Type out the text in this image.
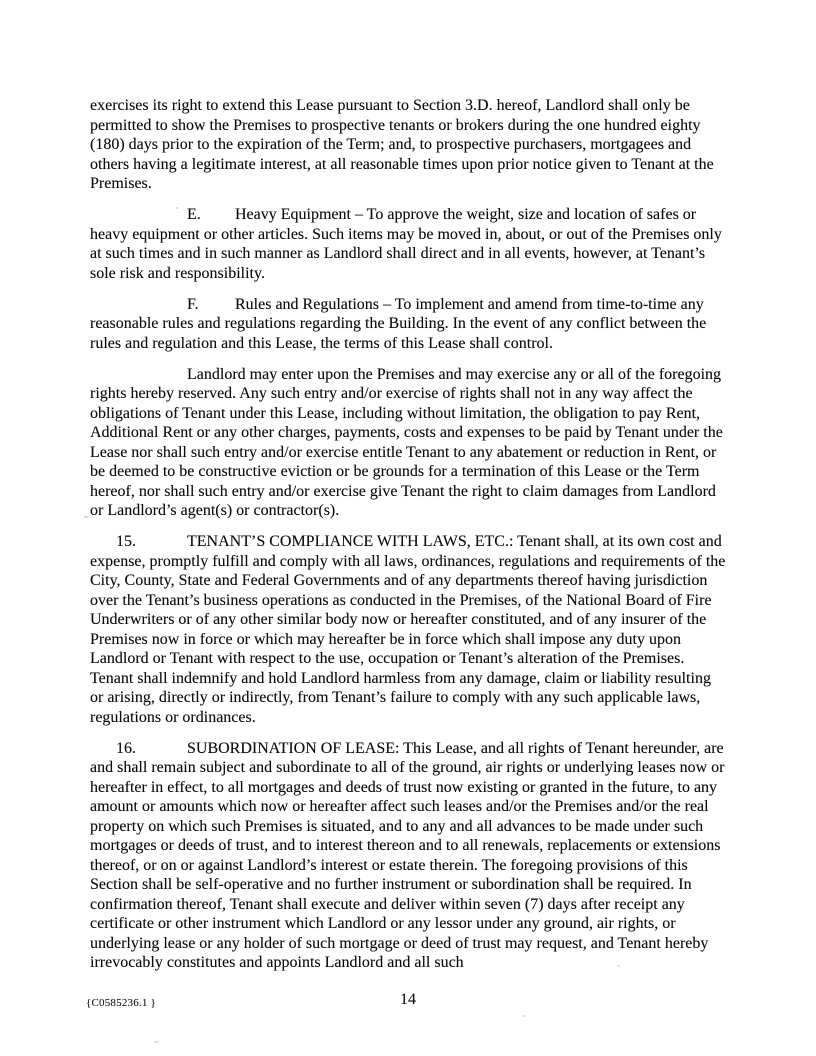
exercises its right to extend this Lease pursuant to Section 3.D. hereof, Landlord shall only be permitted to show the Premises to prospective tenants or brokers during the one hundred eighty (180) days prior to the expiration of the Term; and, to prospective purchasers, mortgagees and others having a legitimate interest, at all reasonable times upon prior notice given to Tenant at the Premises.

E. Heavy Equipment – To approve the weight, size and location of safes or heavy equipment or other articles. Such items may be moved in, about, or out of the Premises only at such times and in such manner as Landlord shall direct and in all events, however, at Tenant’s sole risk and responsibility.

F. Rules and Regulations – To implement and amend from time-to-time any reasonable rules and regulations regarding the Building. In the event of any conflict between the rules and regulation and this Lease, the terms of this Lease shall control.

Landlord may enter upon the Premises and may exercise any or all of the foregoing rights hereby reserved. Any such entry and/or exercise of rights shall not in any way affect the obligations of Tenant under this Lease, including without limitation, the obligation to pay Rent, Additional Rent or any other charges, payments, costs and expenses to be paid by Tenant under the Lease nor shall such entry and/or exercise entitle Tenant to any abatement or reduction in Rent, or be deemed to be constructive eviction or be grounds for a termination of this Lease or the Term hereof, nor shall such entry and/or exercise give Tenant the right to claim damages from Landlord or Landlord’s agent(s) or contractor(s).

15.	TENANT’S COMPLIANCE WITH LAWS, ETC.: Tenant shall, at its own cost and expense, promptly fulfill and comply with all laws, ordinances, regulations and requirements of the City, County, State and Federal Governments and of any departments thereof having jurisdiction over the Tenant’s business operations as conducted in the Premises, of the National Board of Fire Underwriters or of any other similar body now or hereafter constituted, and of any insurer of the Premises now in force or which may hereafter be in force which shall impose any duty upon Landlord or Tenant with respect to the use, occupation or Tenant’s alteration of the Premises. Tenant shall indemnify and hold Landlord harmless from any damage, claim or liability resulting or arising, directly or indirectly, from Tenant’s failure to comply with any such applicable laws, regulations or ordinances.

16.	SUBORDINATION OF LEASE: This Lease, and all rights of Tenant hereunder, are and shall remain subject and subordinate to all of the ground, air rights or underlying leases now or hereafter in effect, to all mortgages and deeds of trust now existing or granted in the future, to any amount or amounts which now or hereafter affect such leases and/or the Premises and/or the real property on which such Premises is situated, and to any and all advances to be made under such mortgages or deeds of trust, and to interest thereon and to all renewals, replacements or extensions thereof, or on or against Landlord’s interest or estate therein. The foregoing provisions of this Section shall be self-operative and no further instrument or subordination shall be required. In confirmation thereof, Tenant shall execute and deliver within seven (7) days after receipt any certificate or other instrument which Landlord or any lessor under any ground, air rights, or underlying lease or any holder of such mortgage or deed of trust may request, and Tenant hereby irrevocably constitutes and appoints Landlord and all such

{C0585236.1 }	14
